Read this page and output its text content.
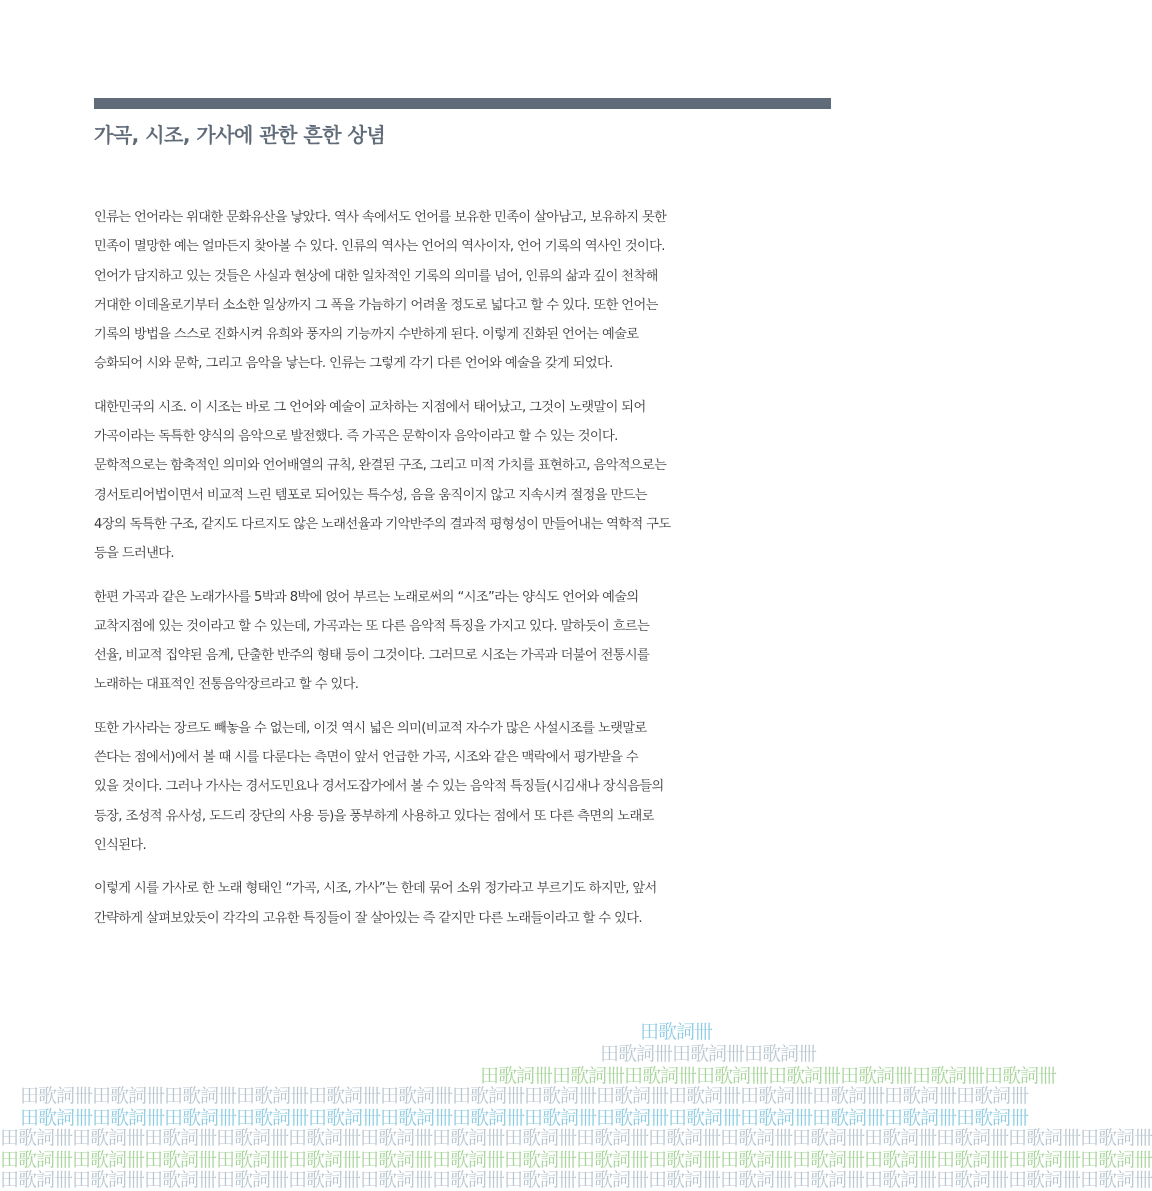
가곡, 시조, 가사에 관한 흔한 상념
인류는 언어라는 위대한 문화유산을 낳았다. 역사 속에서도 언어를 보유한 민족이 살아남고, 보유하지 못한
민족이 멸망한 예는 얼마든지 찾아볼 수 있다. 인류의 역사는 언어의 역사이자, 언어 기록의 역사인 것이다.
언어가 담지하고 있는 것들은 사실과 현상에 대한 일차적인 기록의 의미를 넘어, 인류의 삶과 깊이 천착해
거대한 이데올로기부터 소소한 일상까지 그 폭을 가늠하기 어려울 정도로 넓다고 할 수 있다. 또한 언어는
기록의 방법을 스스로 진화시켜 유희와 풍자의 기능까지 수반하게 된다. 이렇게 진화된 언어는 예술로
승화되어 시와 문학, 그리고 음악을 낳는다. 인류는 그렇게 각기 다른 언어와 예술을 갖게 되었다.
대한민국의 시조. 이 시조는 바로 그 언어와 예술이 교차하는 지점에서 태어났고, 그것이 노랫말이 되어
가곡이라는 독특한 양식의 음악으로 발전했다. 즉 가곡은 문학이자 음악이라고 할 수 있는 것이다.
문학적으로는 함축적인 의미와 언어배열의 규칙, 완결된 구조, 그리고 미적 가치를 표현하고, 음악적으로는
경서토리어법이면서 비교적 느린 템포로 되어있는 특수성, 음을 움직이지 않고 지속시켜 절정을 만드는
4장의 독특한 구조, 같지도 다르지도 않은 노래선율과 기악반주의 결과적 평형성이 만들어내는 역학적 구도
등을 드러낸다.
한편 가곡과 같은 노래가사를 5박과 8박에 얹어 부르는 노래로써의 “시조”라는 양식도 언어와 예술의
교착지점에 있는 것이라고 할 수 있는데, 가곡과는 또 다른 음악적 특징을 가지고 있다. 말하듯이 흐르는
선율, 비교적 집약된 음계, 단출한 반주의 형태 등이 그것이다. 그러므로 시조는 가곡과 더불어 전통시를
노래하는 대표적인 전통음악장르라고 할 수 있다.
또한 가사라는 장르도 빼놓을 수 없는데, 이것 역시 넓은 의미(비교적 자수가 많은 사설시조를 노랫말로
쓴다는 점에서)에서 볼 때 시를 다룬다는 측면이 앞서 언급한 가곡, 시조와 같은 맥락에서 평가받을 수
있을 것이다. 그러나 가사는 경서도민요나 경서도잡가에서 볼 수 있는 음악적 특징들(시김새나 장식음들의
등장, 조성적 유사성, 도드리 장단의 사용 등)을 풍부하게 사용하고 있다는 점에서 또 다른 측면의 노래로
인식된다.
이렇게 시를 가사로 한 노래 형태인 “가곡, 시조, 가사”는 한데 묶어 소위 정가라고 부르기도 하지만, 앞서
간략하게 살펴보았듯이 각각의 고유한 특징들이 잘 살아있는 즉 같지만 다른 노래들이라고 할 수 있다.
田歌詞卌
田歌詞卌田歌詞卌田歌詞卌
田歌詞卌田歌詞卌田歌詞卌田歌詞卌田歌詞卌田歌詞卌田歌詞卌田歌詞卌
田歌詞卌田歌詞卌田歌詞卌田歌詞卌田歌詞卌田歌詞卌田歌詞卌田歌詞卌田歌詞卌田歌詞卌田歌詞卌田歌詞卌田歌詞卌田歌詞卌
田歌詞卌田歌詞卌田歌詞卌田歌詞卌田歌詞卌田歌詞卌田歌詞卌田歌詞卌田歌詞卌田歌詞卌田歌詞卌田歌詞卌田歌詞卌田歌詞卌
田歌詞卌田歌詞卌田歌詞卌田歌詞卌田歌詞卌田歌詞卌田歌詞卌田歌詞卌田歌詞卌田歌詞卌田歌詞卌田歌詞卌田歌詞卌田歌詞卌田歌詞卌田歌詞卌
田歌詞卌田歌詞卌田歌詞卌田歌詞卌田歌詞卌田歌詞卌田歌詞卌田歌詞卌田歌詞卌田歌詞卌田歌詞卌田歌詞卌田歌詞卌田歌詞卌田歌詞卌田歌詞卌
田歌詞卌田歌詞卌田歌詞卌田歌詞卌田歌詞卌田歌詞卌田歌詞卌田歌詞卌田歌詞卌田歌詞卌田歌詞卌田歌詞卌田歌詞卌田歌詞卌田歌詞卌田歌詞卌
